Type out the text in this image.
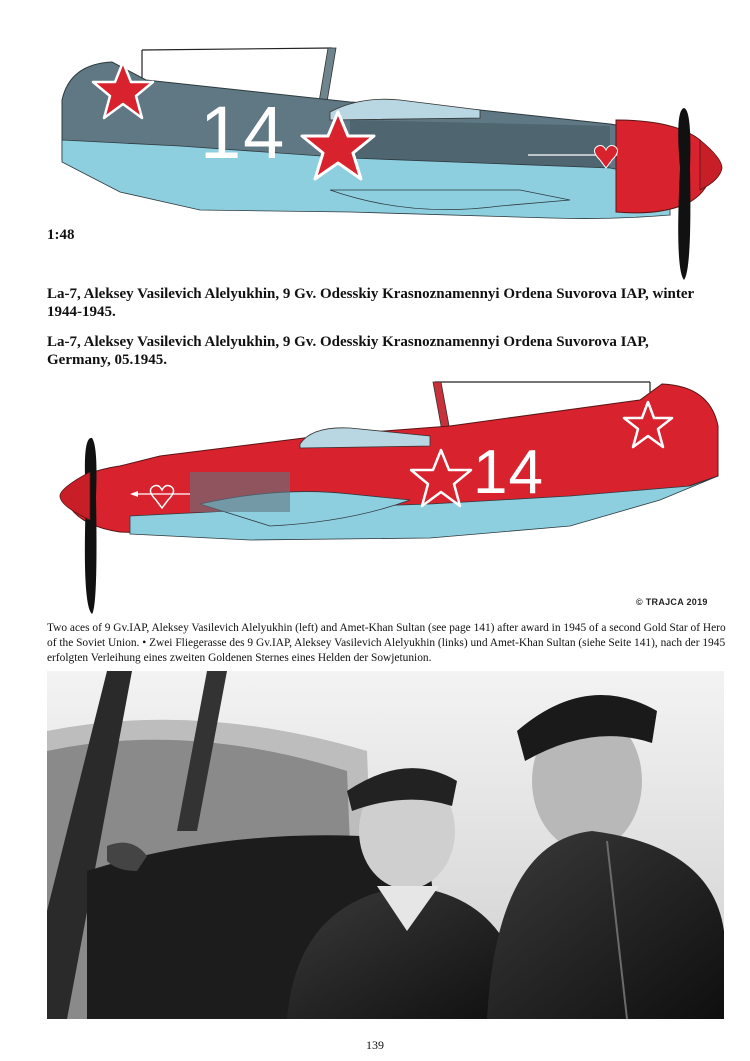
14
1:48
La-7, Aleksey Vasilevich Alelyukhin, 9 Gv. Odesskiy Krasnoznamennyi Ordena Suvorova IAP, winter 1944-1945.
La-7, Aleksey Vasilevich Alelyukhin, 9 Gv. Odesskiy Krasnoznamennyi Ordena Suvorova IAP, Germany, 05.1945.
14
© TRAJCA 2019
Two aces of 9 Gv.IAP, Aleksey Vasilevich Alelyukhin (left) and Amet-Khan Sultan (see page 141) after award in 1945 of a second Gold Star of Hero of the Soviet Union. • Zwei Fliegerasse des 9 Gv.IAP, Aleksey Vasilevich Alelyukhin (links) und Amet-Khan Sultan (siehe Seite 141), nach der 1945 erfolgten Verleihung eines zweiten Goldenen Sternes eines Helden der Sowjetunion.
139
